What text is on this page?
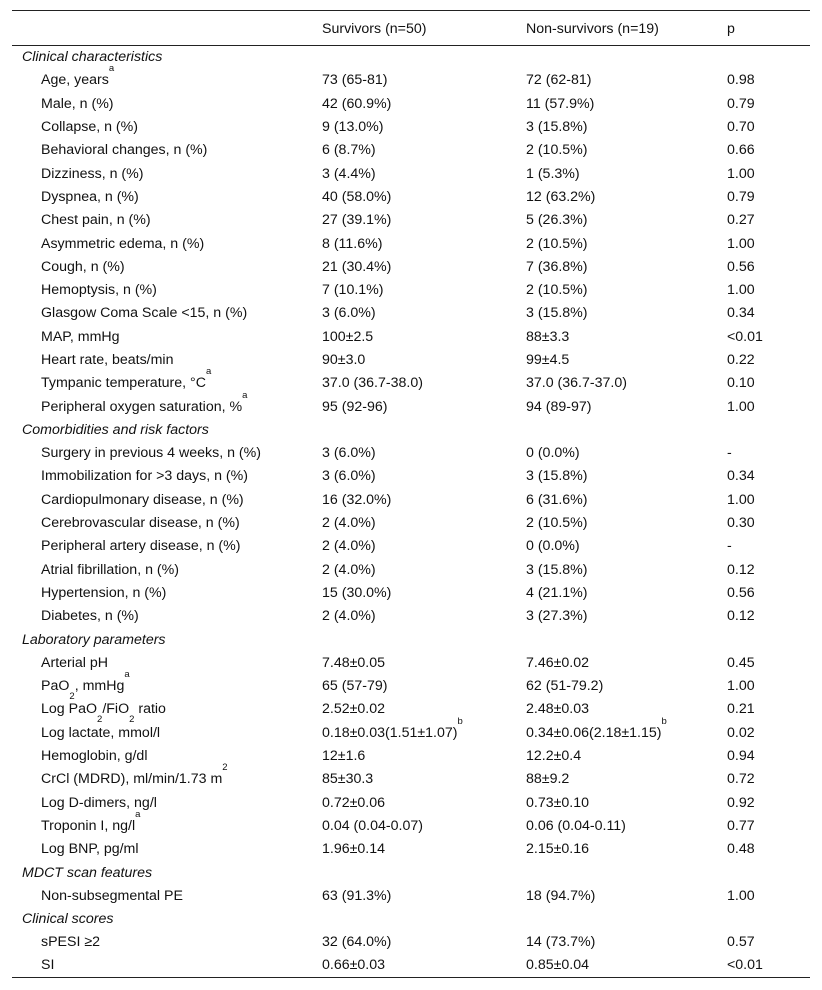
	Survivors (n=50)	Non-survivors (n=19)	p
Clinical characteristics			
Age, years$^a$	73 (65-81)	72 (62-81)	0.98
Male, n (%)	42 (60.9%)	11 (57.9%)	0.79
Collapse, n (%)	9 (13.0%)	3 (15.8%)	0.70
Behavioral changes, n (%)	6 (8.7%)	2 (10.5%)	0.66
Dizziness, n (%)	3 (4.4%)	1 (5.3%)	1.00
Dyspnea, n (%)	40 (58.0%)	12 (63.2%)	0.79
Chest pain, n (%)	27 (39.1%)	5 (26.3%)	0.27
Asymmetric edema, n (%)	8 (11.6%)	2 (10.5%)	1.00
Cough, n (%)	21 (30.4%)	7 (36.8%)	0.56
Hemoptysis, n (%)	7 (10.1%)	2 (10.5%)	1.00
Glasgow Coma Scale <15, n (%)	3 (6.0%)	3 (15.8%)	0.34
MAP, mmHg	100±2.5	88±3.3	<0.01
Heart rate, beats/min	90±3.0	99±4.5	0.22
Tympanic temperature, $^\circ C^a$	37.0 (36.7-38.0)	37.0 (36.7-37.0)	0.10
Peripheral oxygen saturation, %$^a$	95 (92-96)	94 (89-97)	1.00
Comorbidities and risk factors			
Surgery in previous 4 weeks, n (%)	3 (6.0%)	0 (0.0%)	-
Immobilization for >3 days, n (%)	3 (6.0%)	3 (15.8%)	0.34
Cardiopulmonary disease, n (%)	16 (32.0%)	6 (31.6%)	1.00
Cerebrovascular disease, n (%)	2 (4.0%)	2 (10.5%)	0.30
Peripheral artery disease, n (%)	2 (4.0%)	0 (0.0%)	-
Atrial fibrillation, n (%)	2 (4.0%)	3 (15.8%)	0.12
Hypertension, n (%)	15 (30.0%)	4 (21.1%)	0.56
Diabetes, n (%)	2 (4.0%)	3 (27.3%)	0.12
Laboratory parameters			
Arterial pH	7.48±0.05	7.46±0.02	0.45
PaO$_2$, mmHg$^a$	65 (57-79)	62 (51-79.2)	1.00
Log PaO$_2$/FiO$_2$ ratio	2.52±0.02	2.48±0.03	0.21
Log lactate, mmol/l	$0.18\pm 0.03(1.51\pm 1.07)^b$	$0.34\pm 0.06(2.18\pm 1.15)^b$	0.02
Hemoglobin, g/dl	12±1.6	12.2±0.4	0.94
CrCl (MDRD), ml/min/1.73 $m^2$	85±30.3	88±9.2	0.72
Log D-dimers, ng/l	0.72±0.06	0.73±0.10	0.92
Troponin I, $ng/l^a$	0.04 (0.04-0.07)	0.06 (0.04-0.11)	0.77
Log BNP, pg/ml	1.96±0.14	2.15±0.16	0.48
MDCT scan features			
Non-subsegmental PE	63 (91.3%)	18 (94.7%)	1.00
Clinical scores			
sPESI ≥2	32 (64.0%)	14 (73.7%)	0.57
SI	0.66±0.03	0.85±0.04	<0.01
